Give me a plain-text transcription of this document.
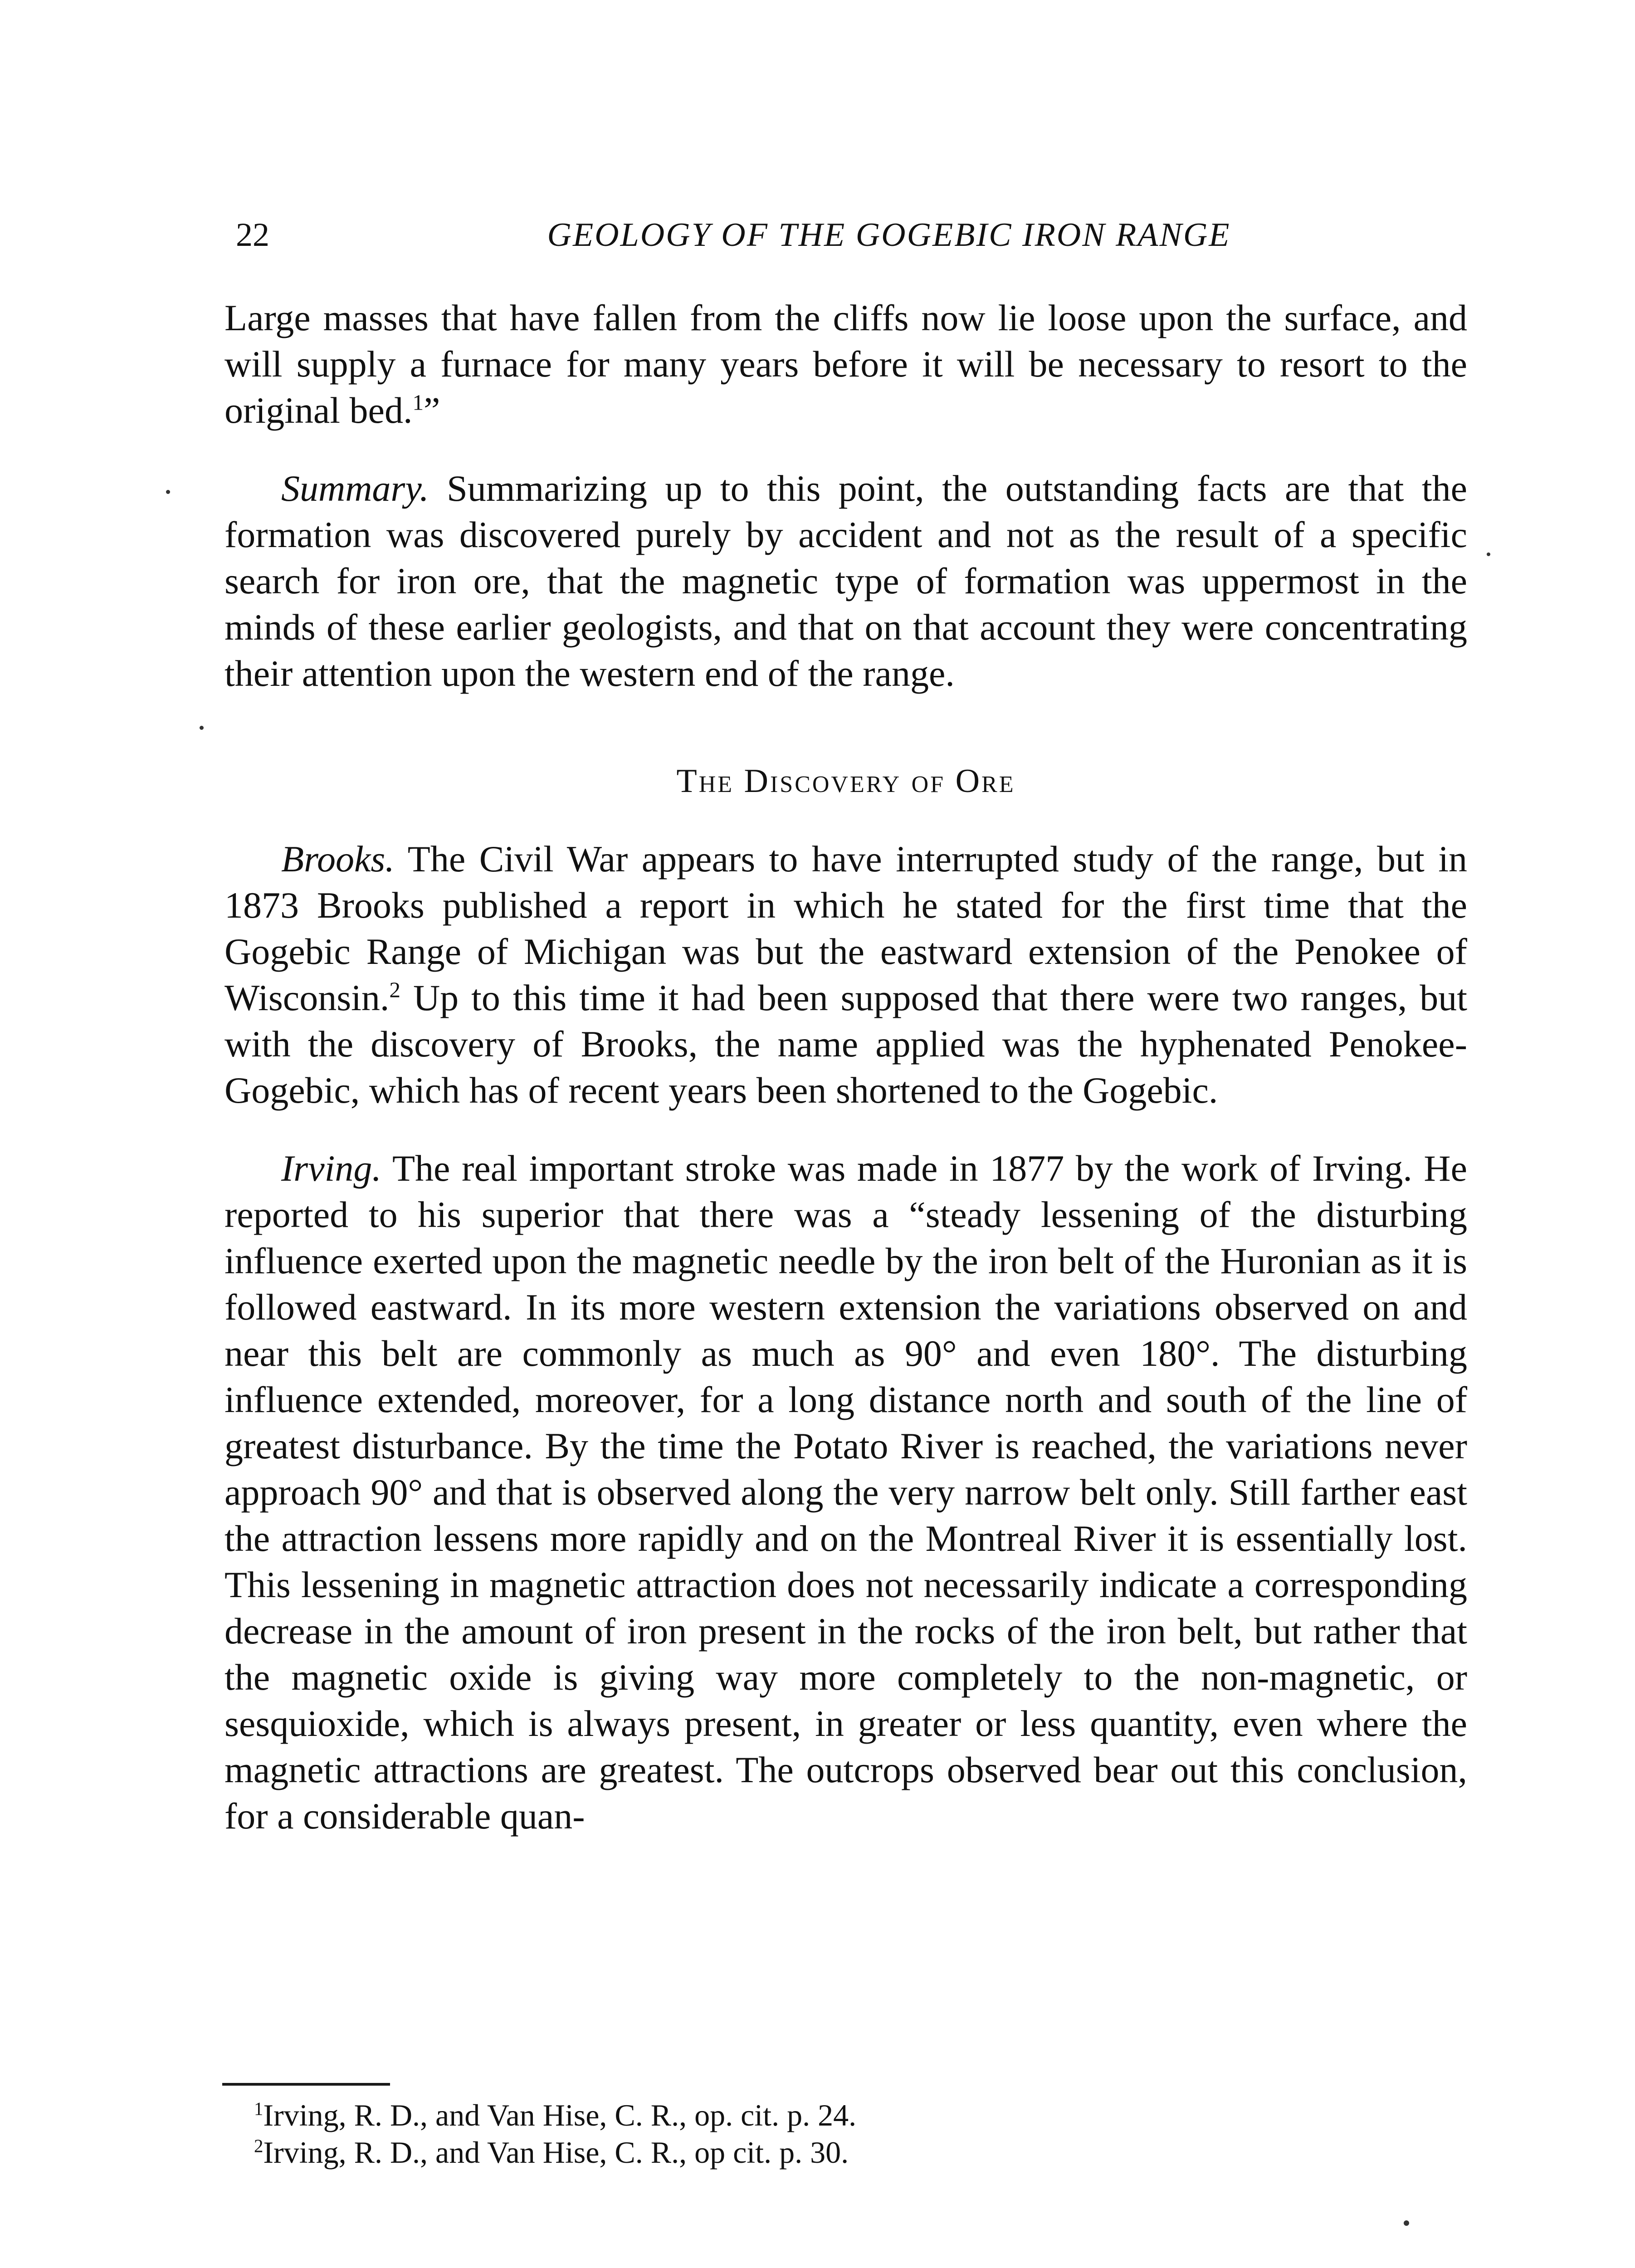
22	GEOLOGY OF THE GOGEBIC IRON RANGE

Large masses that have fallen from the cliffs now lie loose upon the surface, and will supply a furnace for many years before it will be necessary to resort to the original bed.$^1$”

Summary. Summarizing up to this point, the outstanding facts are that the formation was discovered purely by accident and not as the result of a specific search for iron ore, that the magnetic type of formation was uppermost in the minds of these earlier geologists, and that on that account they were concentrating their attention upon the western end of the range.

The Discovery of Ore

Brooks. The Civil War appears to have interrupted study of the range, but in 1873 Brooks published a report in which he stated for the first time that the Gogebic Range of Michigan was but the eastward extension of the Penokee of Wisconsin.$^2$ Up to this time it had been supposed that there were two ranges, but with the discovery of Brooks, the name applied was the hyphenated Penokee-Gogebic, which has of recent years been shortened to the Gogebic.

Irving. The real important stroke was made in 1877 by the work of Irving. He reported to his superior that there was a “steady lessening of the disturbing influence exerted upon the magnetic needle by the iron belt of the Huronian as it is followed eastward. In its more western extension the variations observed on and near this belt are commonly as much as 90° and even 180°. The disturbing influence extended, moreover, for a long distance north and south of the line of greatest disturbance. By the time the Potato River is reached, the variations never approach 90° and that is observed along the very narrow belt only. Still farther east the attraction lessens more rapidly and on the Montreal River it is essentially lost. This lessening in magnetic attraction does not necessarily indicate a corresponding decrease in the amount of iron present in the rocks of the iron belt, but rather that the magnetic oxide is giving way more completely to the non-magnetic, or sesquioxide, which is always present, in greater or less quantity, even where the magnetic attractions are greatest. The outcrops observed bear out this conclusion, for a considerable quan-

$^1$Irving, R. D., and Van Hise, C. R., op. cit. p. 24.
$^2$Irving, R. D., and Van Hise, C. R., op cit. p. 30.
